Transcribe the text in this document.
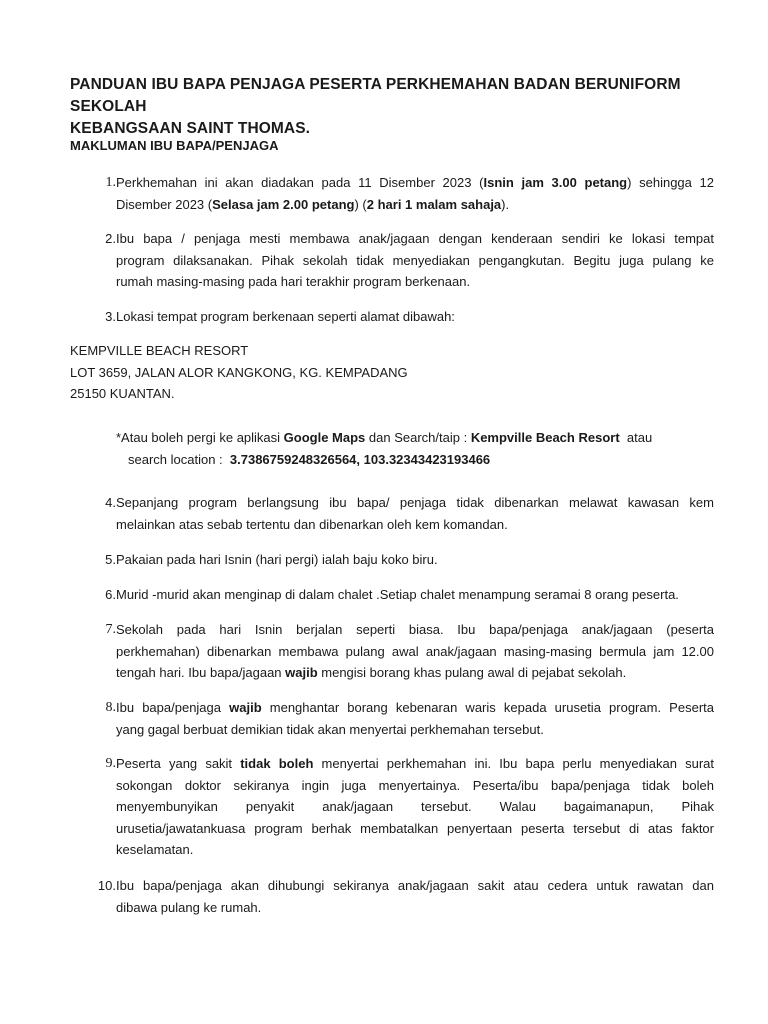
PANDUAN IBU BAPA PENJAGA PESERTA PERKHEMAHAN BADAN BERUNIFORM SEKOLAH
KEBANGSAAN SAINT THOMAS.
MAKLUMAN IBU BAPA/PENJAGA
1. Perkhemahan ini akan diadakan pada 11 Disember 2023 (Isnin jam 3.00 petang) sehingga 12
Disember 2023 (Selasa jam 2.00 petang) (2 hari 1 malam sahaja).
2. Ibu bapa / penjaga mesti membawa anak/jagaan dengan kenderaan sendiri ke lokasi tempat
program dilaksanakan. Pihak sekolah tidak menyediakan pengangkutan. Begitu juga pulang ke
rumah masing-masing pada hari terakhir program berkenaan.
3. Lokasi tempat program berkenaan seperti alamat dibawah:
KEMPVILLE BEACH RESORT
LOT 3659, JALAN ALOR KANGKONG, KG. KEMPADANG
25150 KUANTAN.
*Atau boleh pergi ke aplikasi Google Maps dan Search/taip : Kempville Beach Resort  atau
search location :  3.7386759248326564, 103.32343423193466
4. Sepanjang program berlangsung ibu bapa/ penjaga tidak dibenarkan melawat kawasan kem
melainkan atas sebab tertentu dan dibenarkan oleh kem komandan.
5. Pakaian pada hari Isnin (hari pergi) ialah baju koko biru.
6. Murid -murid akan menginap di dalam chalet .Setiap chalet menampung seramai 8 orang peserta.
7. Sekolah pada hari Isnin berjalan seperti biasa. Ibu bapa/penjaga anak/jagaan (peserta
perkhemahan) dibenarkan membawa pulang awal anak/jagaan masing-masing bermula jam 12.00
tengah hari. Ibu bapa/jagaan wajib mengisi borang khas pulang awal di pejabat sekolah.
8. Ibu bapa/penjaga wajib menghantar borang kebenaran waris kepada urusetia program. Peserta
yang gagal berbuat demikian tidak akan menyertai perkhemahan tersebut.
9. Peserta yang sakit tidak boleh menyertai perkhemahan ini. Ibu bapa perlu menyediakan surat
sokongan doktor sekiranya ingin juga menyertainya. Peserta/ibu bapa/penjaga tidak boleh
menyembunyikan penyakit anak/jagaan tersebut. Walau bagaimanapun, Pihak
urusetia/jawatankuasa program berhak membatalkan penyertaan peserta tersebut di atas faktor
keselamatan.
10. Ibu bapa/penjaga akan dihubungi sekiranya anak/jagaan sakit atau cedera untuk rawatan dan
dibawa pulang ke rumah.
